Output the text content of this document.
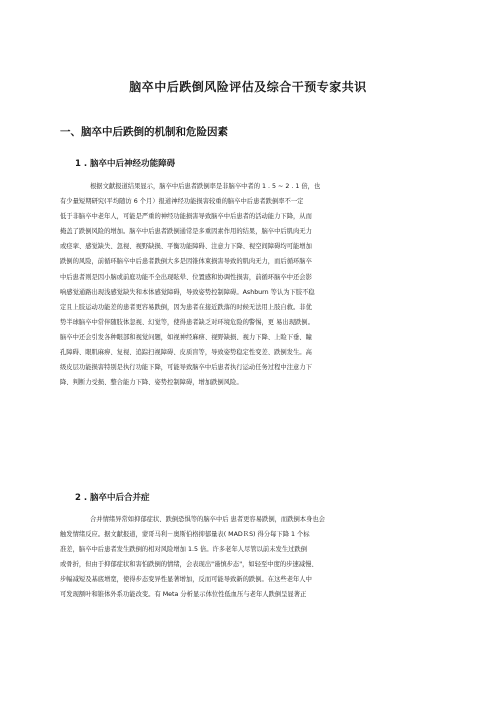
脑卒中后跌倒风险评估及综合干预专家共识
一、脑卒中后跌倒的机制和危险因素
1 . 脑卒中后神经功能障碍
根据文献报道结果显示，脑卒中后患者跌倒率是非脑卒中者的 1 . 5 ~ 2 . 1 倍，也
有少量短期研究(平均随访 6 个月）报道神经功能损害较重的脑卒中后患者跌倒率不一定
低于非脑卒中老年人，可能是严重的神经功能损害导致脑卒中后患者的活动能力下降，从而
掩盖了跌倒风险的增加。脑卒中后患者跌倒通常是多重因素作用的结果，脑卒中后肌肉无力
或痉挛、感觉缺失、忽视、视野缺损、平衡功能障碍、注意力下降、视空间障碍均可能增加
跌倒的风险，前循环脑卒中后患者跌倒大多是因锥体束损害导致的肌肉无力，而后循环脑卒
中后患者则是因小脑或前庭功能不全出现眩晕、位置感和协调性损害，前循环脑卒中还会影
响感觉通路出现浅感觉缺失和本体感觉障碍，导致姿势控制障碍。Ashburn 等认为下肢不稳
定且上肢运动功能差的患者更容易跌倒，因为患者在接近跌落的时候无法用上肢自救。非优
势半球脑卒中常伴随肢体忽视、幻觉等，使得患者缺乏对环境危险的警惕，更 易出现跌倒。
脑卒中还会引发各种眼部和视觉问题，如视神经麻痹、视野缺损、视力下降、上睑下垂、瞳
孔障碍、眼肌麻痹、复视、追踪扫视障碍、皮质盲等，导致姿势稳定性变差、跌倒发生。高
级皮层功能损害特别是执行功能下降，可能导致脑卒中后患者执行运动任务过程中注意力下
降、判断力受损、整合能力下降、姿势控制障碍，增加跌倒风险。
2 . 脑卒中后合并症
合并情绪异常如抑郁症状、跌倒恐惧等的脑卒中后 患者更容易跌倒，而跌倒本身也会
触发情绪反应。据文献报道，蒙哥马利－奥斯伯格抑郁量表( MADＲS) 得分每下降 1 个标
准差，脑卒中后患者发生跌倒的相对风险增加 1.5 倍。许多老年人尽管以前未发生过跌倒
或骨折，但由于抑郁症状和害怕跌倒的情绪，会表现出"谨慎步态"，如轻至中度的步速减慢、
步幅减短及基底增宽，使得步态变异性显著增加，反而可能导致新的跌倒。在这些老年人中
可发现额叶和锥体外系功能改变。有 Meta 分析显示体位性低血压与老年人跌倒呈显著正
